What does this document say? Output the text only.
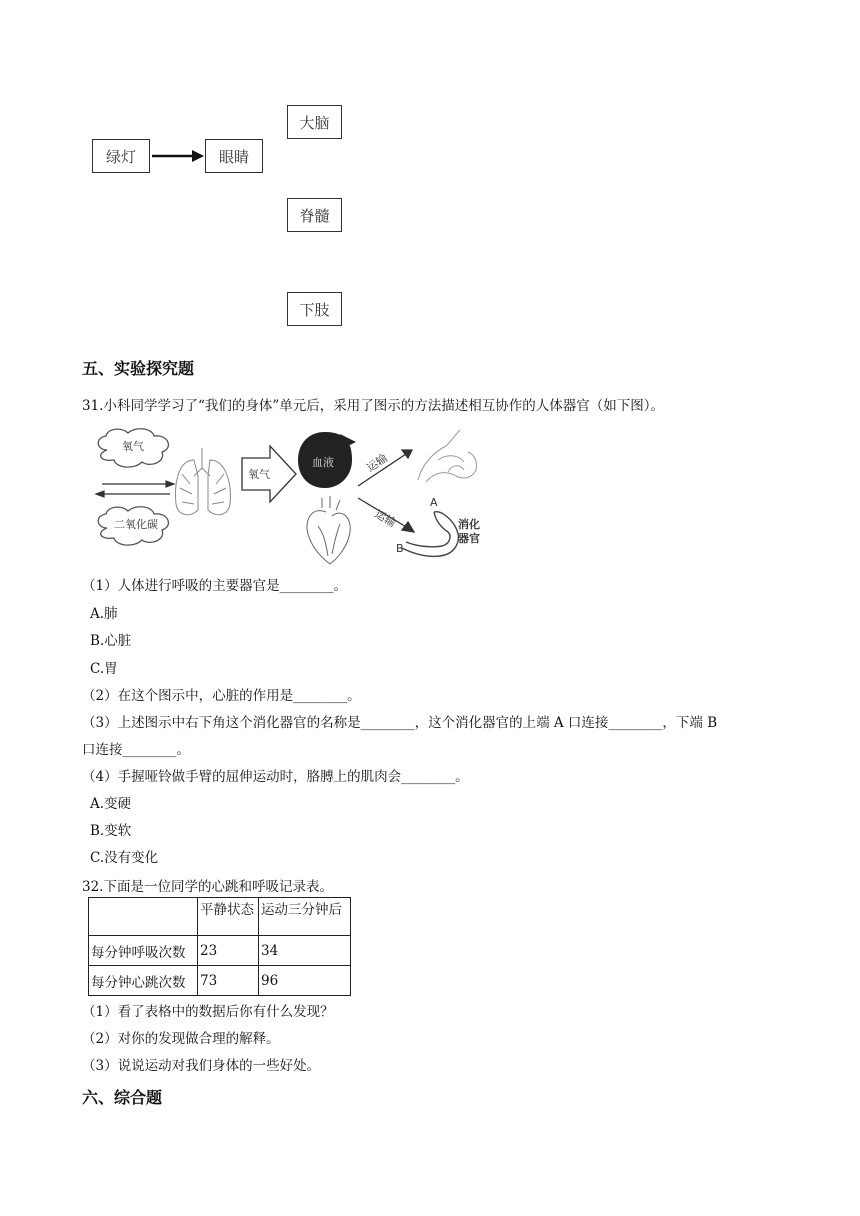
绿灯	眼睛
大脑
脊髓
下肢
五、实验探究题
31.小科同学学习了“我们的身体”单元后，采用了图示的方法描述相互协作的人体器官（如下图）。
氧气
二氧化碳
氧气
血液	运输
运输
A
B
消化
器官
（1）人体进行呼吸的主要器官是________。
A.肺
B.心脏
C.胃
（2）在这个图示中，心脏的作用是________。
（3）上述图示中右下角这个消化器官的名称是________，这个消化器官的上端 A 口连接________，下端 B
口连接________。
（4）手握哑铃做手臂的屈伸运动时，胳膊上的肌肉会________。
A.变硬
B.变软
C.没有变化
32.下面是一位同学的心跳和呼吸记录表。
	平静状态	运动三分钟后
每分钟呼吸次数	23	34
每分钟心跳次数	73	96
（1）看了表格中的数据后你有什么发现？
（2）对你的发现做合理的解释。
（3）说说运动对我们身体的一些好处。
六、综合题
